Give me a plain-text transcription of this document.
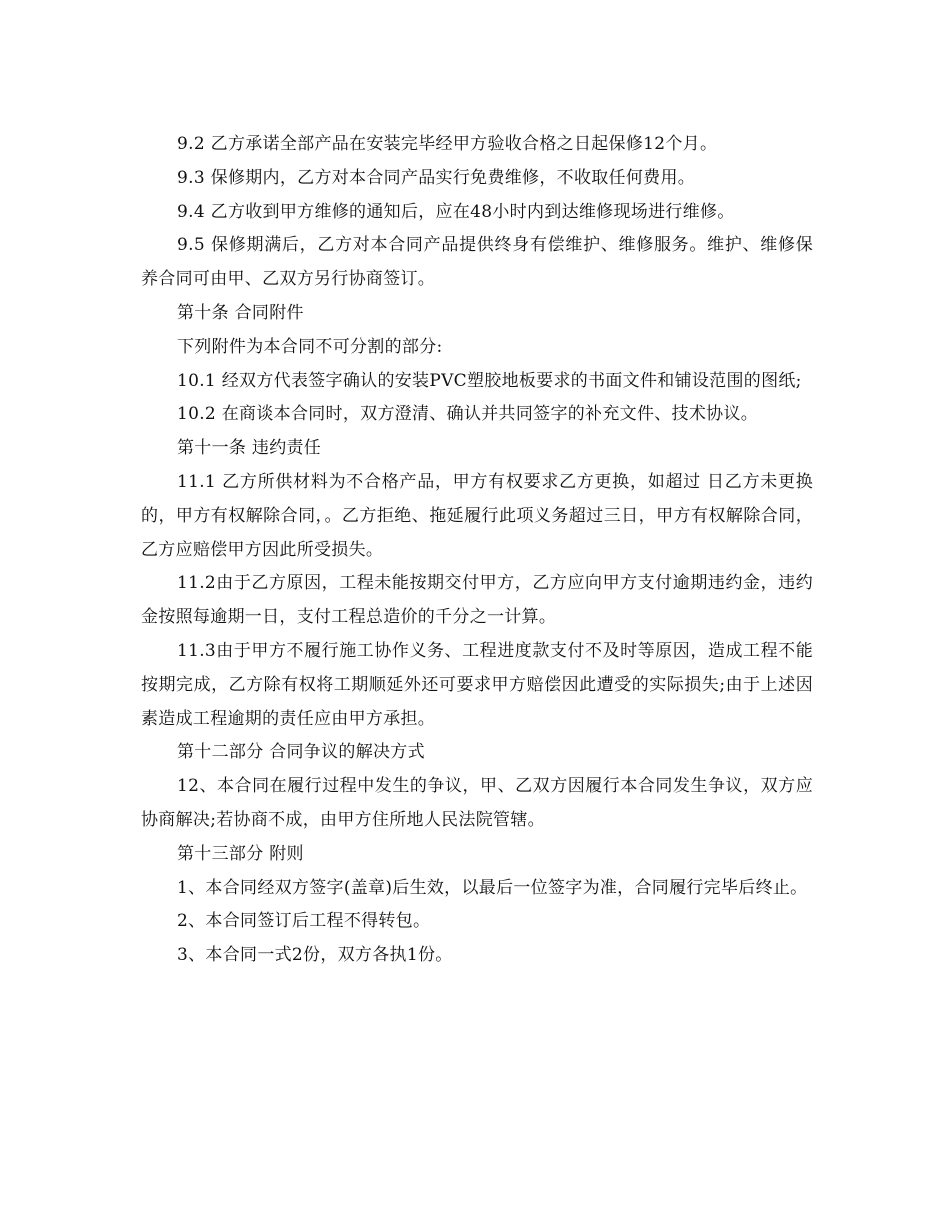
9.2 乙方承诺全部产品在安装完毕经甲方验收合格之日起保修12个月。

9.3 保修期内，乙方对本合同产品实行免费维修，不收取任何费用。

9.4 乙方收到甲方维修的通知后，应在48小时内到达维修现场进行维修。

9.5 保修期满后，乙方对本合同产品提供终身有偿维护、维修服务。维护、维修保养合同可由甲、乙双方另行协商签订。

第十条 合同附件

下列附件为本合同不可分割的部分:

10.1 经双方代表签字确认的安装PVC塑胶地板要求的书面文件和铺设范围的图纸;

10.2 在商谈本合同时，双方澄清、确认并共同签字的补充文件、技术协议。

第十一条 违约责任

11.1 乙方所供材料为不合格产品，甲方有权要求乙方更换，如超过 日乙方未更换的，甲方有权解除合同，。乙方拒绝、拖延履行此项义务超过三日，甲方有权解除合同，乙方应赔偿甲方因此所受损失。

11.2由于乙方原因，工程未能按期交付甲方，乙方应向甲方支付逾期违约金，违约金按照每逾期一日，支付工程总造价的千分之一计算。

11.3由于甲方不履行施工协作义务、工程进度款支付不及时等原因，造成工程不能按期完成，乙方除有权将工期顺延外还可要求甲方赔偿因此遭受的实际损失;由于上述因素造成工程逾期的责任应由甲方承担。

第十二部分 合同争议的解决方式

12、本合同在履行过程中发生的争议，甲、乙双方因履行本合同发生争议，双方应协商解决;若协商不成，由甲方住所地人民法院管辖。

第十三部分 附则

1、本合同经双方签字(盖章)后生效，以最后一位签字为准，合同履行完毕后终止。

2、本合同签订后工程不得转包。

3、本合同一式2份，双方各执1份。
